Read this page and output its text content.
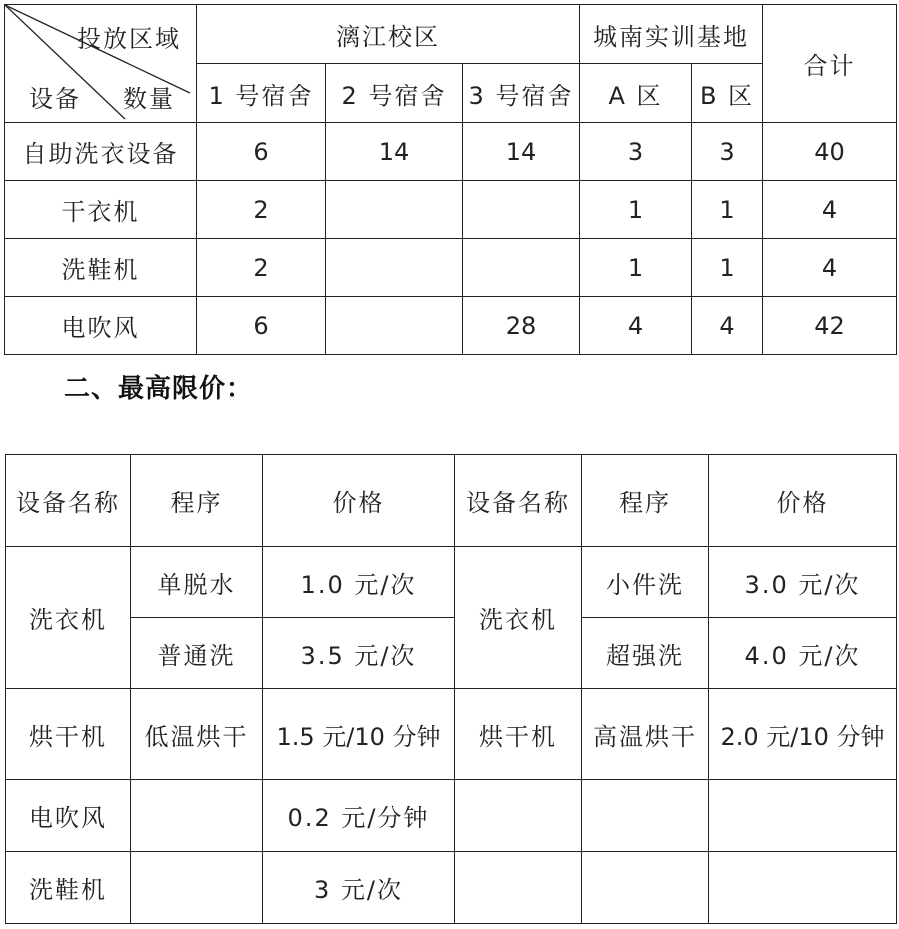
投放区域
设备 数量	漓江校区			城南实训基地		合计
	1 号宿舍	2 号宿舍	3 号宿舍	A 区	B 区	
自助洗衣设备	6	14	14	3	3	40
干衣机	2			1	1	4
洗鞋机	2			1	1	4
电吹风	6		28	4	4	42
二、最高限价：
设备名称	程序	价格	设备名称	程序	价格
洗衣机	单脱水	1.0 元/次	洗衣机	小件洗	3.0 元/次
	普通洗	3.5 元/次		超强洗	4.0 元/次
烘干机	低温烘干	1.5 元/10 分钟	烘干机	高温烘干	2.0 元/10 分钟
电吹风		0.2 元/分钟			
洗鞋机		3 元/次			
